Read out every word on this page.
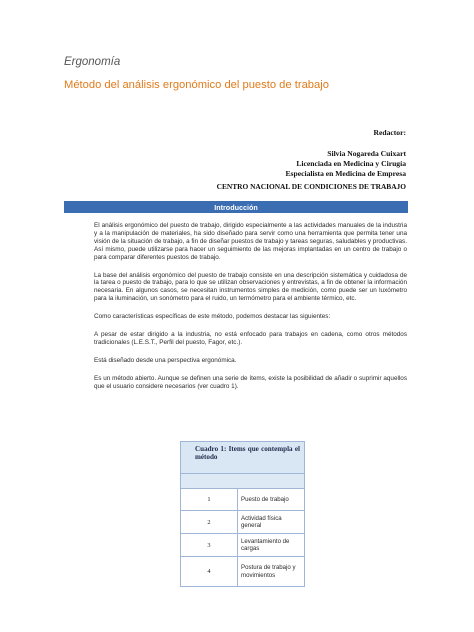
Ergonomía
Método del análisis ergonómico del puesto de trabajo
Redactor:
Silvia Nogareda Cuixart
Licenciada en Medicina y Cirugía
Especialista en Medicina de Empresa
CENTRO NACIONAL DE CONDICIONES DE TRABAJO
Introducción

El análisis ergonómico del puesto de trabajo, dirigido especialmente a las actividades manuales de la industria y a la manipulación de materiales, ha sido diseñado para servir como una herramienta que permita tener una visión de la situación de trabajo, a fin de diseñar puestos de trabajo y tareas seguras, saludables y productivas. Así mismo, puede utilizarse para hacer un seguimiento de las mejoras implantadas en un centro de trabajo o para comparar diferentes puestos de trabajo.

La base del análisis ergonómico del puesto de trabajo consiste en una descripción sistemática y cuidadosa de la tarea o puesto de trabajo, para lo que se utilizan observaciones y entrevistas, a fin de obtener la información necesaria. En algunos casos, se necesitan instrumentos simples de medición, como puede ser un luxómetro para la iluminación, un sonómetro para el ruido, un termómetro para el ambiente térmico, etc.

Como características específicas de este método, podemos destacar las siguientes:

A pesar de estar dirigido a la industria, no está enfocado para trabajos en cadena, como otros métodos tradicionales (L.E.S.T., Perfil del puesto, Fagor, etc.).

Está diseñado desde una perspectiva ergonómica.

Es un método abierto. Aunque se definen una serie de ítems, existe la posibilidad de añadir o suprimir aquellos que el usuario considere necesarios (ver cuadro 1).

Cuadro 1: Items que contempla el método	

1	Puesto de trabajo
2	Actividad física general
3	Levantamiento de cargas
4	Postura de trabajo y movimientos
